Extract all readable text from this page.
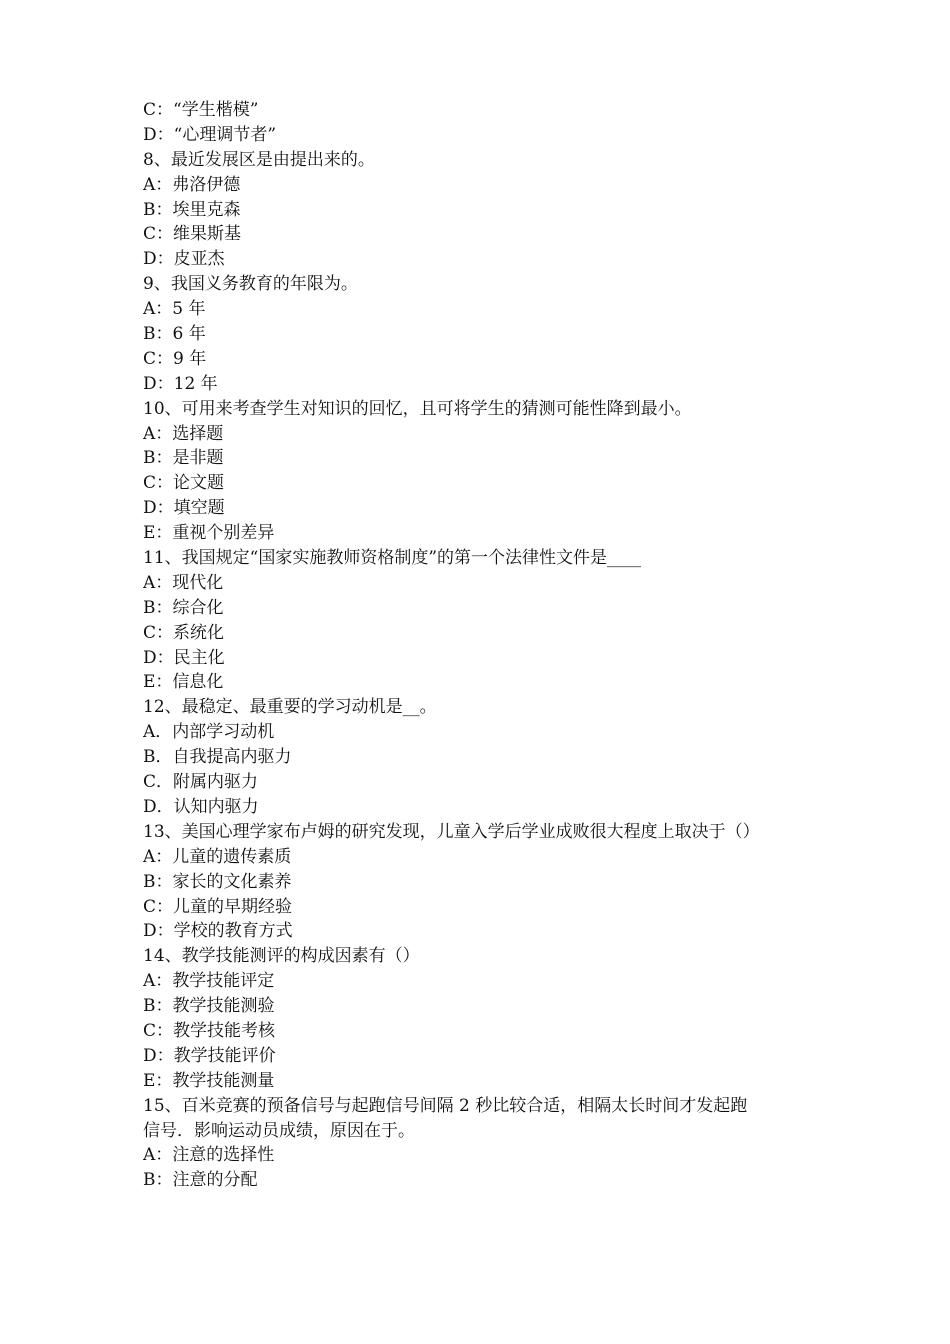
C：“学生楷模”
D：“心理调节者”
8、最近发展区是由提出来的。
A：弗洛伊德
B：埃里克森
C：维果斯基
D：皮亚杰
9、我国义务教育的年限为。
A：5 年
B：6 年
C：9 年
D：12 年
10、可用来考查学生对知识的回忆，且可将学生的猜测可能性降到最小。
A：选择题
B：是非题
C：论文题
D：填空题
E：重视个别差异
11、我国规定“国家实施教师资格制度”的第一个法律性文件是____
A：现代化
B：综合化
C：系统化
D：民主化
E：信息化
12、最稳定、最重要的学习动机是__。
A．内部学习动机
B．自我提高内驱力
C．附属内驱力
D．认知内驱力
13、美国心理学家布卢姆的研究发现，儿童入学后学业成败很大程度上取决于（）
A：儿童的遗传素质
B：家长的文化素养
C：儿童的早期经验
D：学校的教育方式
14、教学技能测评的构成因素有（）
A：教学技能评定
B：教学技能测验
C：教学技能考核
D：教学技能评价
E：教学技能测量
15、百米竞赛的预备信号与起跑信号间隔 2 秒比较合适，相隔太长时间才发起跑
信号．影响运动员成绩，原因在于。
A：注意的选择性
B：注意的分配
